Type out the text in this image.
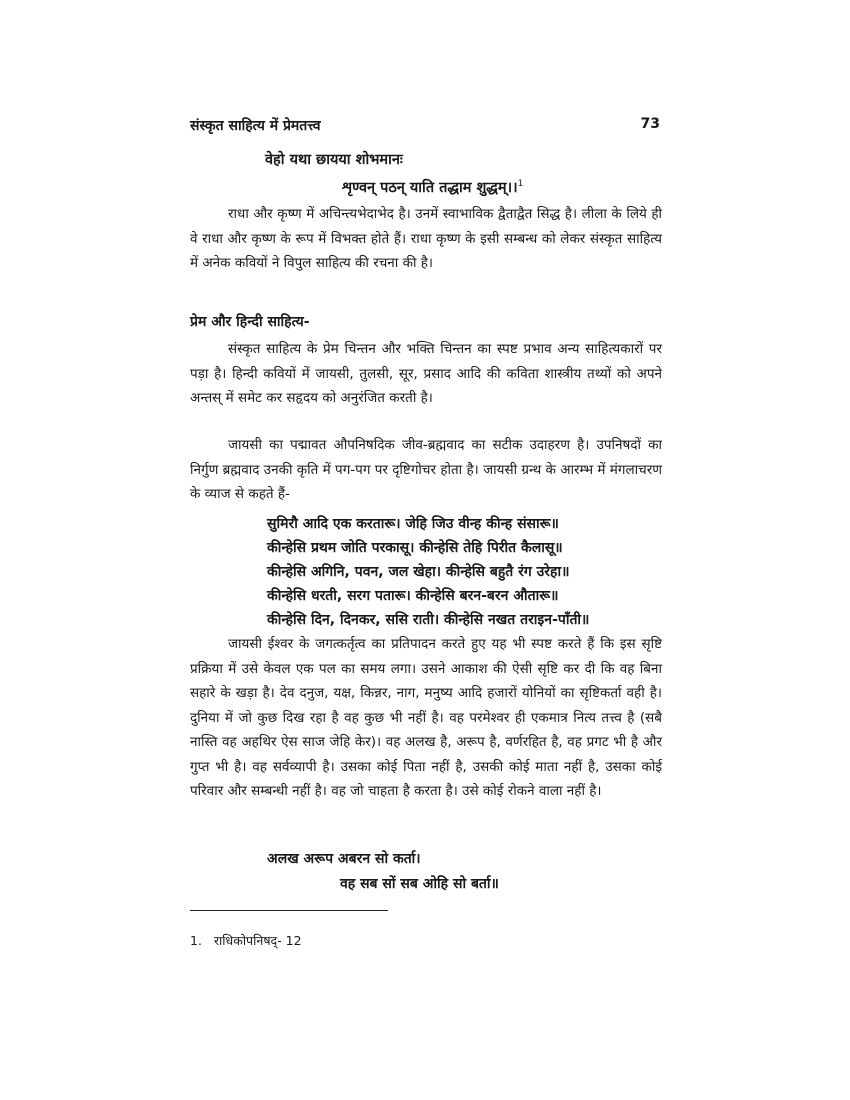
संस्कृत साहित्य में प्रेमतत्त्व	73
वेहो यथा छायया शोभमानः
शृण्वन् पठन् याति तद्धाम शुद्धम्।।$^1$

राधा और कृष्ण में अचिन्त्यभेदाभेद है। उनमें स्वाभाविक द्वैताद्वैत सिद्ध है। लीला के लिये ही वे राधा और कृष्ण के रूप में विभक्त होते हैं। राधा कृष्ण के इसी सम्बन्ध को लेकर संस्कृत साहित्य में अनेक कवियों ने विपुल साहित्य की रचना की है।

प्रेम और हिन्दी साहित्य-

संस्कृत साहित्य के प्रेम चिन्तन और भक्ति चिन्तन का स्पष्ट प्रभाव अन्य साहित्यकारों पर पड़ा है। हिन्दी कवियों में जायसी, तुलसी, सूर, प्रसाद आदि की कविता शास्त्रीय तथ्यों को अपने अन्तस् में समेट कर सहृदय को अनुरंजित करती है।

जायसी का पद्मावत औपनिषदिक जीव-ब्रह्मवाद का सटीक उदाहरण है। उपनिषदों का निर्गुण ब्रह्मवाद उनकी कृति में पग-पग पर दृष्टिगोचर होता है। जायसी ग्रन्थ के आरम्भ में मंगलाचरण के व्याज से कहते हैं-

सुमिरौ आदि एक करतारू। जेहि जिउ वीन्ह कीन्ह संसारू॥
कीन्हेसि प्रथम जोति परकासू। कीन्हेसि तेहि पिरीत कैलासू॥
कीन्हेसि अगिनि, पवन, जल खेहा। कीन्हेसि बहुतै रंग उरेहा॥
कीन्हेसि धरती, सरग पतारू। कीन्हेसि बरन-बरन औतारू॥
कीन्हेसि दिन, दिनकर, ससि राती। कीन्हेसि नखत तराइन-पाँती॥

जायसी ईश्वर के जगत्कर्तृत्व का प्रतिपादन करते हुए यह भी स्पष्ट करते हैं कि इस सृष्टि प्रक्रिया में उसे केवल एक पल का समय लगा। उसने आकाश की ऐसी सृष्टि कर दी कि वह बिना सहारे के खड़ा है। देव दनुज, यक्ष, किन्नर, नाग, मनुष्य आदि हजारों योनियों का सृष्टिकर्ता वही है। दुनिया में जो कुछ दिख रहा है वह कुछ भी नहीं है। वह परमेश्वर ही एकमात्र नित्य तत्त्व है (सबै नास्ति वह अहथिर ऐस साज जेहि केर)। वह अलख है, अरूप है, वर्णरहित है, वह प्रगट भी है और गुप्त भी है। वह सर्वव्यापी है। उसका कोई पिता नहीं है, उसकी कोई माता नहीं है, उसका कोई परिवार और सम्बन्धी नहीं है। वह जो चाहता है करता है। उसे कोई रोकने वाला नहीं है।

अलख अरूप अबरन सो कर्ता।
वह सब सों सब ओहि सो बर्ता॥
1. राधिकोपनिषद्- 12
